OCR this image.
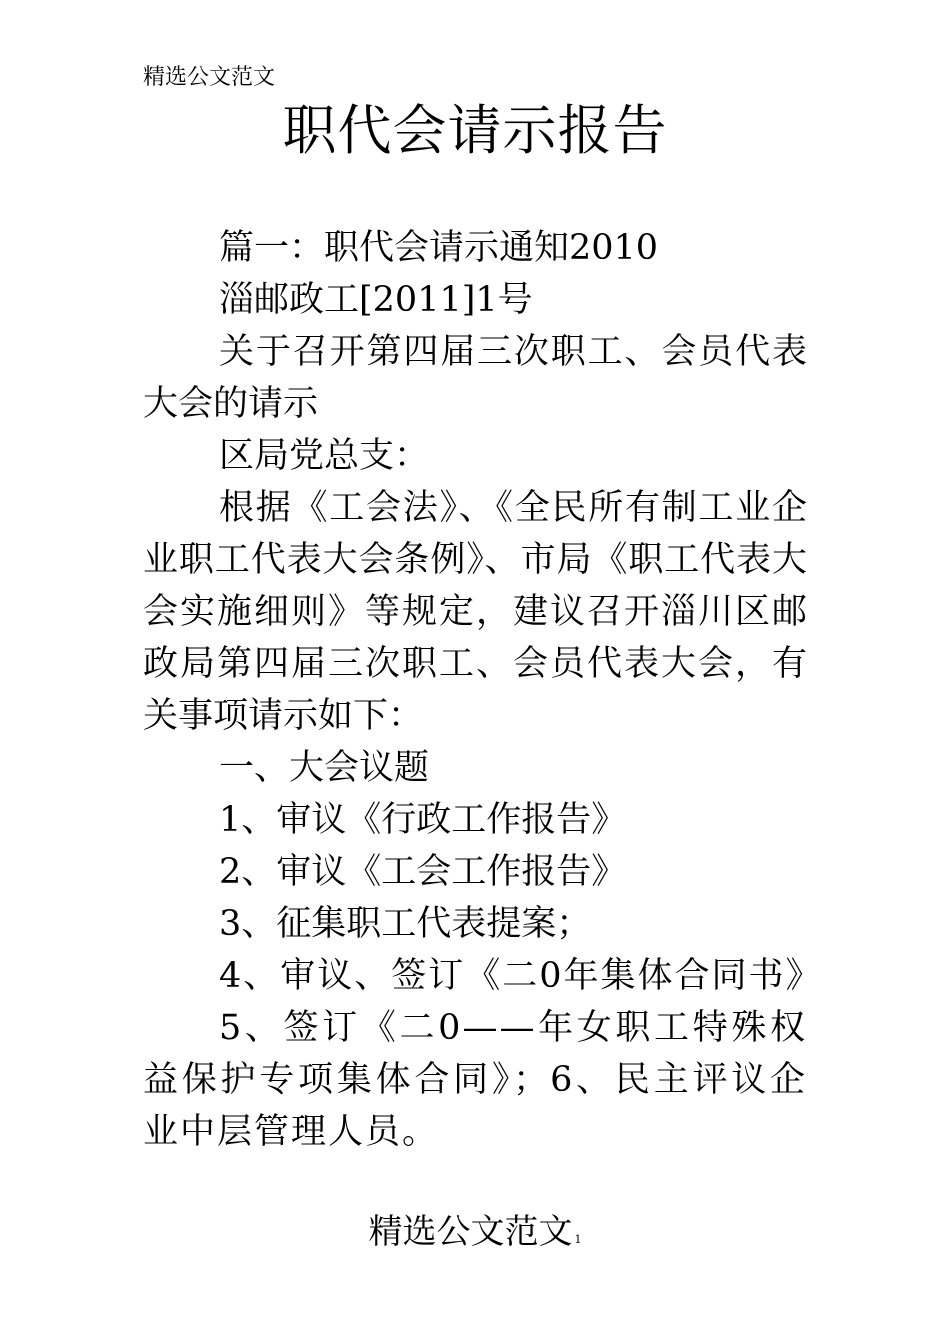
精选公文范文
职代会请示报告

篇一：职代会请示通知2010

淄邮政工[2011]1号

关于召开第四届三次职工、会员代表大会的请示

区局党总支：

根据《工会法》、《全民所有制工业企业职工代表大会条例》、市局《职工代表大会实施细则》等规定，建议召开淄川区邮政局第四届三次职工、会员代表大会，有关事项请示如下：

一、大会议题

1、审议《行政工作报告》

2、审议《工会工作报告》

3、征集职工代表提案；

4、审议、签订《二0年集体合同书》

5、签订《二0——年女职工特殊权益保护专项集体合同》；6、民主评议企业中层管理人员。

精选公文范文 1
